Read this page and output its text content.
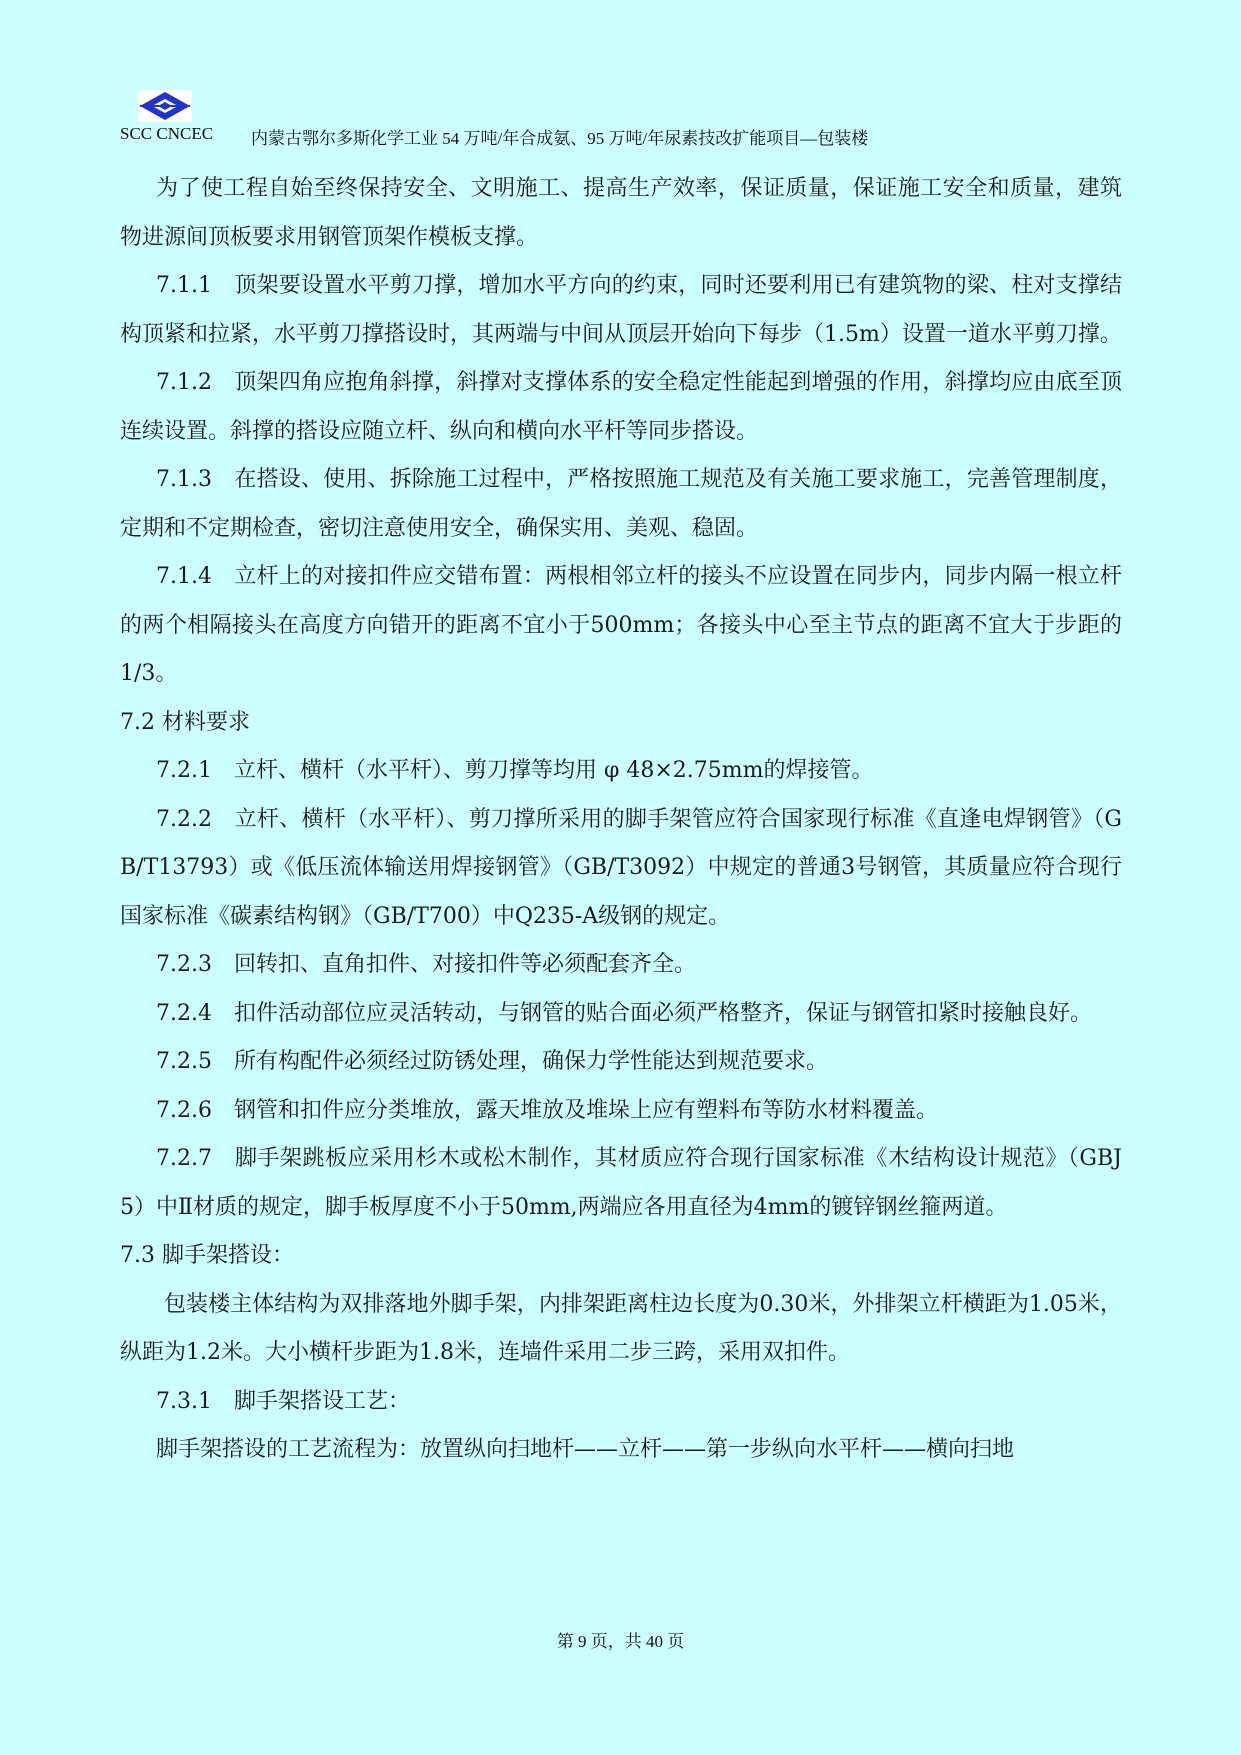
SCC CNCEC 内蒙古鄂尔多斯化学工业 54 万吨/年合成氨、95 万吨/年尿素技改扩能项目—包装楼

为了使工程自始至终保持安全、文明施工、提高生产效率，保证质量，保证施工安全和质量，建筑物进源间顶板要求用钢管顶架作模板支撑。

7.1.1　顶架要设置水平剪刀撑，增加水平方向的约束，同时还要利用已有建筑物的梁、柱对支撑结构顶紧和拉紧，水平剪刀撑搭设时，其两端与中间从顶层开始向下每步（1.5m）设置一道水平剪刀撑。

7.1.2　顶架四角应抱角斜撑，斜撑对支撑体系的安全稳定性能起到增强的作用，斜撑均应由底至顶连续设置。斜撑的搭设应随立杆、纵向和横向水平杆等同步搭设。

7.1.3　在搭设、使用、拆除施工过程中，严格按照施工规范及有关施工要求施工，完善管理制度，定期和不定期检查，密切注意使用安全，确保实用、美观、稳固。

7.1.4　立杆上的对接扣件应交错布置：两根相邻立杆的接头不应设置在同步内，同步内隔一根立杆的两个相隔接头在高度方向错开的距离不宜小于500mm；各接头中心至主节点的距离不宜大于步距的1/3。

7.2 材料要求

7.2.1　立杆、横杆（水平杆）、剪刀撑等均用 φ 48×2.75mm的焊接管。

7.2.2　立杆、横杆（水平杆）、剪刀撑所采用的脚手架管应符合国家现行标准《直逢电焊钢管》（GB/T13793）或《低压流体输送用焊接钢管》（GB/T3092）中规定的普通3号钢管，其质量应符合现行国家标准《碳素结构钢》（GB/T700）中Q235-A级钢的规定。

7.2.3　回转扣、直角扣件、对接扣件等必须配套齐全。

7.2.4　扣件活动部位应灵活转动，与钢管的贴合面必须严格整齐，保证与钢管扣紧时接触良好。

7.2.5　所有构配件必须经过防锈处理，确保力学性能达到规范要求。

7.2.6　钢管和扣件应分类堆放，露天堆放及堆垛上应有塑料布等防水材料覆盖。

7.2.7　脚手架跳板应采用杉木或松木制作，其材质应符合现行国家标准《木结构设计规范》（GBJ5）中Ⅱ材质的规定，脚手板厚度不小于50mm,两端应各用直径为4mm的镀锌钢丝箍两道。

7.3 脚手架搭设：

包装楼主体结构为双排落地外脚手架，内排架距离柱边长度为0.30米，外排架立杆横距为1.05米，纵距为1.2米。大小横杆步距为1.8米，连墙件采用二步三跨，采用双扣件。

7.3.1　脚手架搭设工艺：

脚手架搭设的工艺流程为：放置纵向扫地杆——立杆——第一步纵向水平杆——横向扫地

第 9 页，共 40 页
